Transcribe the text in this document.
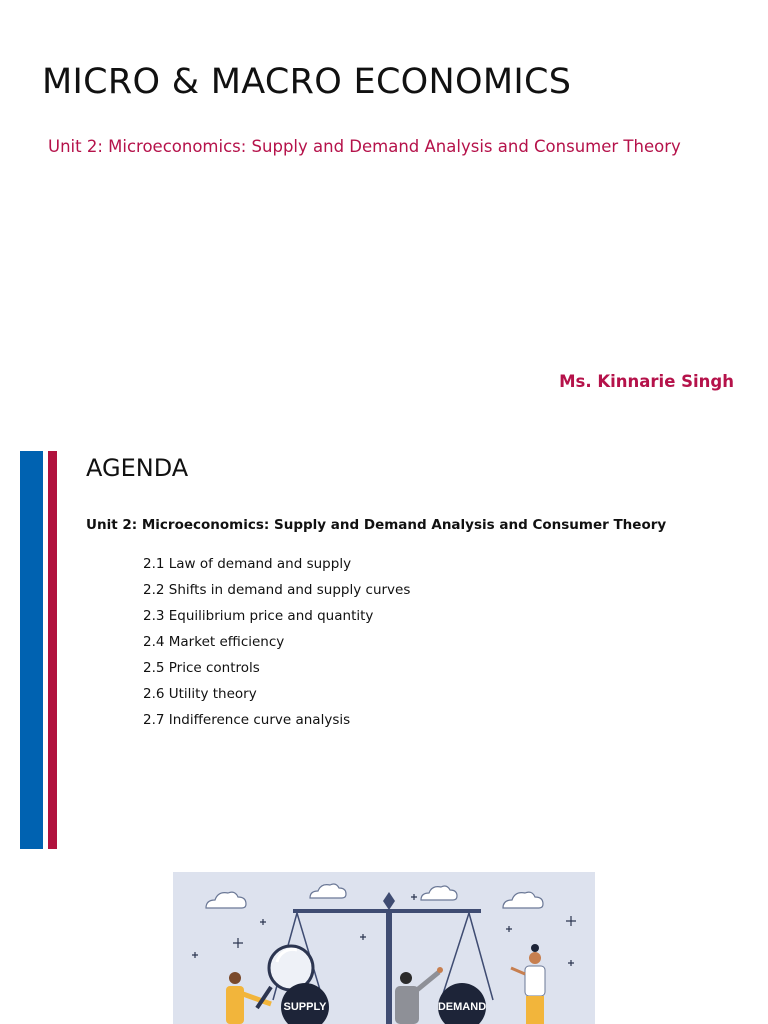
MICRO & MACRO ECONOMICS

Unit 2: Microeconomics: Supply and Demand Analysis and Consumer Theory

Ms. Kinnarie Singh

AGENDA

Unit 2: Microeconomics: Supply and Demand Analysis and Consumer Theory

2.1 Law of demand and supply
2.2 Shifts in demand and supply curves
2.3 Equilibrium price and quantity
2.4 Market efficiency
2.5 Price controls
2.6 Utility theory
2.7 Indifference curve analysis
SUPPLY	DEMAND
